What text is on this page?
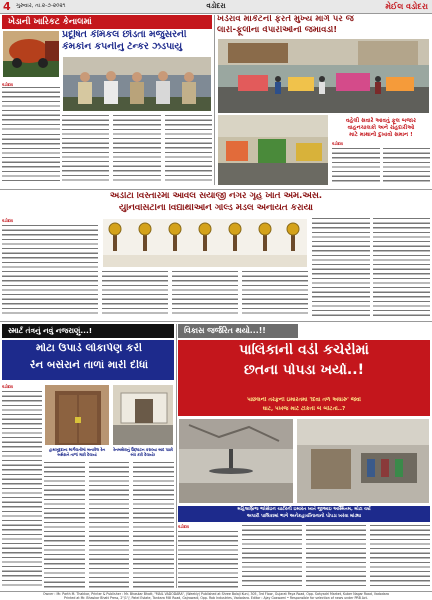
4 ગુરુવાર, તા.૨-૭-૨૦૨૧	વડોદરા	મેઈલ વડોદરા
ખેડાની ખારિકટ કેનાલમાં
પ્રદૂષિત કેમિકલ છોડતાં મંજુસરની
કેમકોન કંપનીનું ટેન્કર ઝડપાયું
વડોદરા
ખંડેરાવ માર્કેટની ફરતે મુખ્ય માર્ગ પર જ
લારી-ફૂલોના વેપારીઓનો જમાવડો!
વહેલી સવારે આવતું ફૂલ બજાર
વાહનચાલકો અને રાહદારીઓ
માટે માથાનો દુખાવો સમાન !
વડોદરા
અડીંટા વિસ્તારમાં આવેલ સયાજી નગર ગૃહ ખાતે એમ.એસ.
યુનિવર્સિટીના વિદ્યાર્થીઓને ગોલ્ડ મેડલ એનાયત કરાયાં
વડોદરા
સ્માર્ટ તંત્રનું નવું નજરાણું...!
મોટા ઉપાડે લોકાર્પણ કરી
રેન બસેરાને તાળાં મારી દીધાં
વડોદરા
હાથખૂદ્દાના માર્ગવાતીમાં બનાવેલ રેન બસેરાને તાળાં મારી દેવાયાં
રેનબસેરાનું ઉદ્ઘાટન કરાવ્યા બાદ પાછો બંધ કરી દેવાયો!
વિકાસ જર્જરિત થયો...!!
પાલિકાની વડી કચેરીમાં
છતના પોપડા ખર્યા..!
પાછલની તરફની ઇમારતમાં 'દિવા તળે અંધારું' જેવો
ઘાટ, પંખેજ માટે ટોકતી બે બીટતો..?
મહિલાબ્રિજ જોસેઇન ચાર્ટરની ઇમારત ખાતે જીઆઇ અસ્મિતમ, મોટા વર્ષો
અપારી પાલિકામાં ભાગે અનેકહાર્ચીનાનાનો પોપડા ખરવા માંડ્યા
વડોદરા
Owner : Mr. Parth M. Thakkar, Printer & Publisher : Mr. Bhaskar Bhatt, "MAIL VADODARA", (Weekly) Published at Shree Balaji Kuni, 305, 3rd Floor, Gujarat Paya Road, Opp. Sahyadri Market, Kuber Nagar Road, Vadodara
Printed at Mr. Bhaskar Bhatt Press, 2"/1"/, Patel Estate, Tankara Mill Road, Gajrawadi, Opp. Rob Industries, Vadodara. Editor : Ajay Goswami • Responsible for selection of news under PRB Act.
